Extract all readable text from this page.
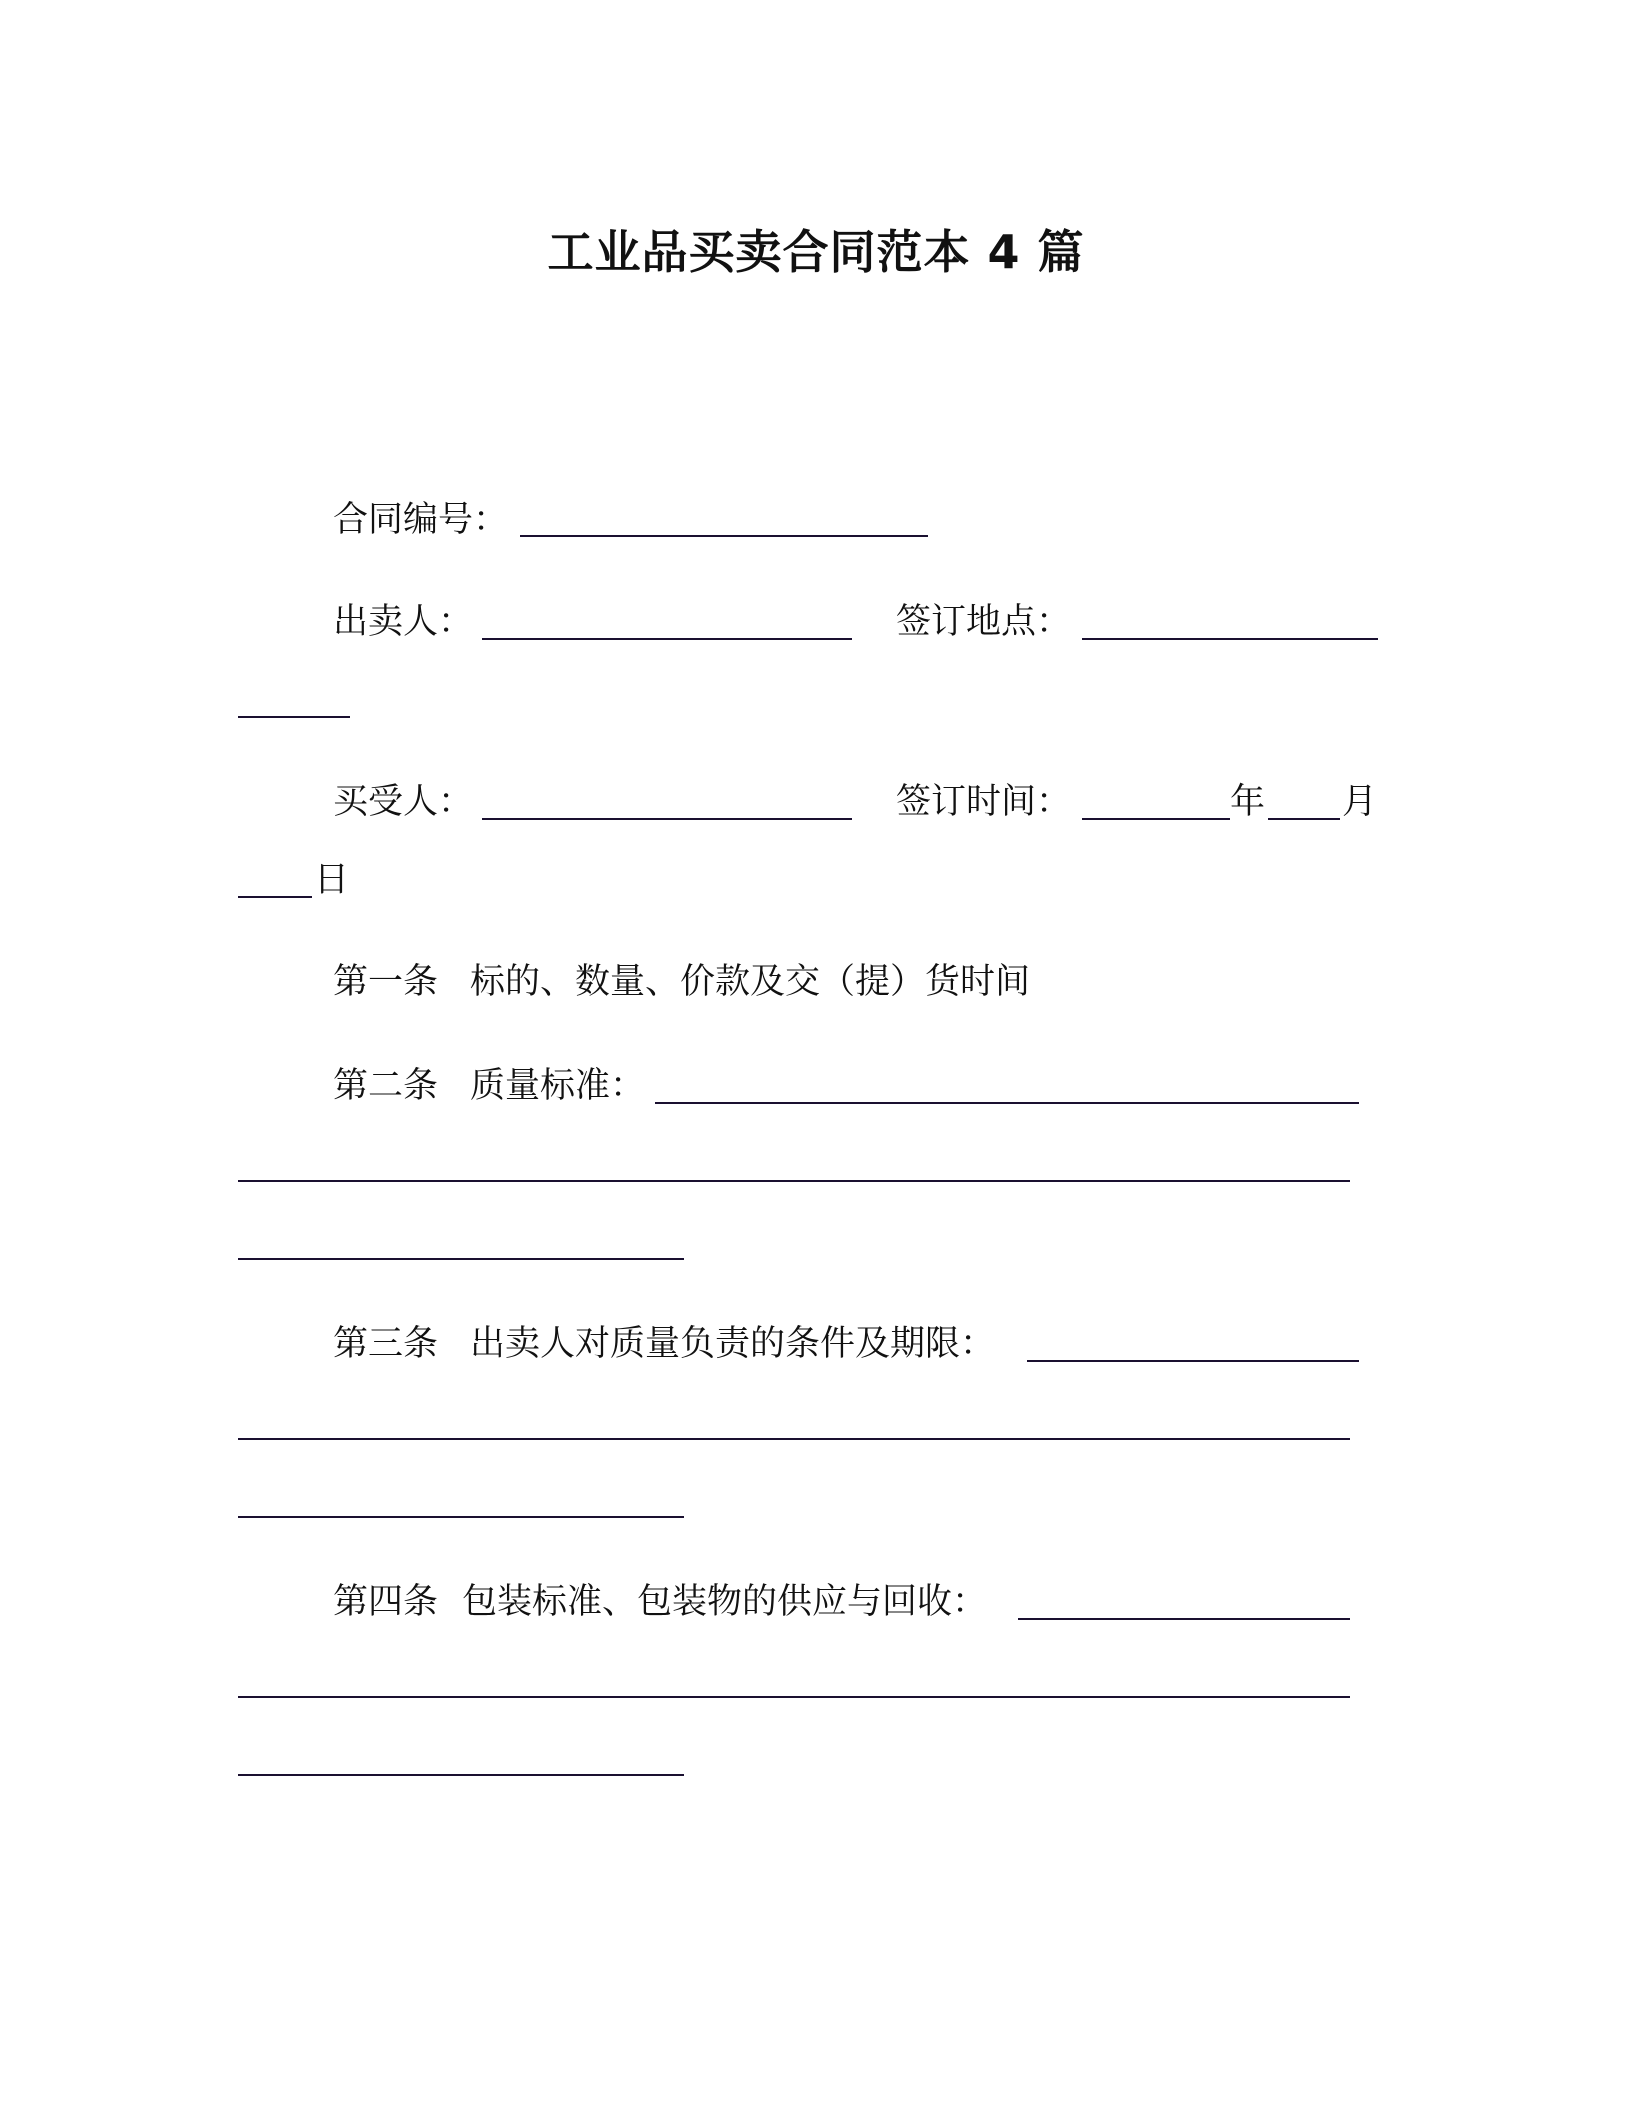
工业品买卖合同范本 4 篇
合同编号：
出卖人：	签订地点：
买受人：	签订时间：	年 月
日
第一条 标的、数量、价款及交（提）货时间
第二条 质量标准：
第三条 出卖人对质量负责的条件及期限：
第四条 包装标准、包装物的供应与回收：
